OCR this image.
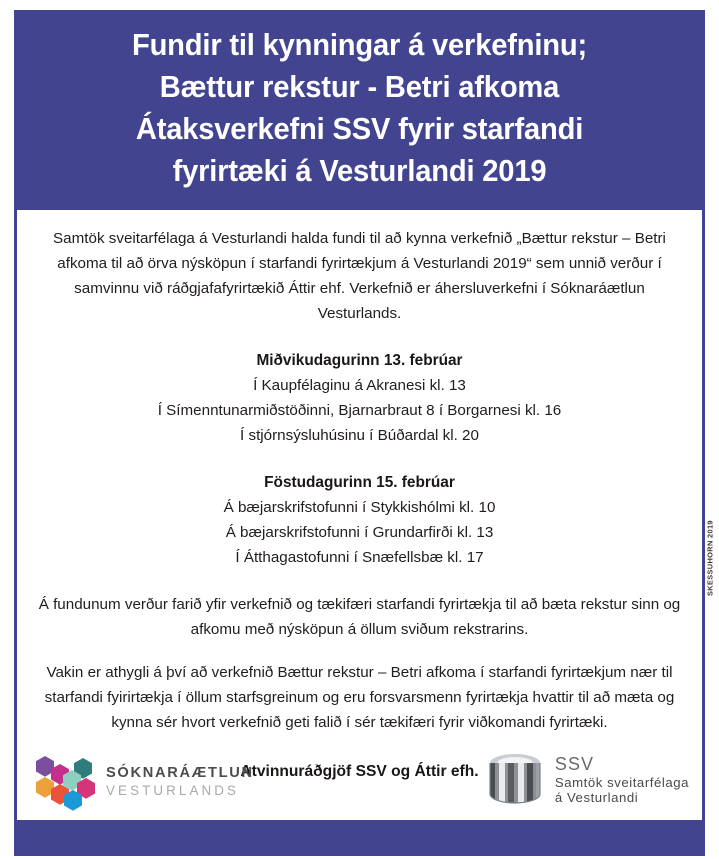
Fundir til kynningar á verkefninu;
Bættur rekstur - Betri afkoma
Átaksverkefni SSV fyrir starfandi
fyrirtæki á Vesturlandi 2019

Samtök sveitarfélaga á Vesturlandi halda fundi til að kynna verkefnið „Bættur rekstur – Betri afkoma til að örva nýsköpun í starfandi fyrirtækjum á Vesturlandi 2019“ sem unnið verður í samvinnu við ráðgjafafyrirtækið Áttir ehf. Verkefnið er áhersluverkefni í Sóknaráætlun Vesturlands.

Miðvikudagurinn 13. febrúar

Í Kaupfélaginu á Akranesi kl. 13

Í Símenntunarmiðstöðinni, Bjarnarbraut 8 í Borgarnesi kl. 16

Í stjórnsýsluhúsinu í Búðardal kl. 20

Föstudagurinn 15. febrúar

Á bæjarskrifstofunni í Stykkishólmi kl. 10

Á bæjarskrifstofunni í Grundarfirði kl. 13

Í Átthagastofunni í Snæfellsbæ kl. 17

Á fundunum verður farið yfir verkefnið og tækifæri starfandi fyrirtækja til að bæta rekstur sinn og afkomu með nýsköpun á öllum sviðum rekstrarins.

Vakin er athygli á því að verkefnið Bættur rekstur – Betri afkoma í starfandi fyrirtækjum nær til starfandi fyirirtækja í öllum starfsgreinum og eru forsvarsmenn fyrirtækja hvattir til að mæta og kynna sér hvort verkefnið geti falið í sér tækifæri fyrir viðkomandi fyrirtæki.

Atvinnuráðgjöf SSV og Áttir efh.

SKESSUHORN 2019
SÓKNARÁÆTLUN
VESTURLANDS
SSV
Samtök sveitarfélaga
á Vesturlandi
